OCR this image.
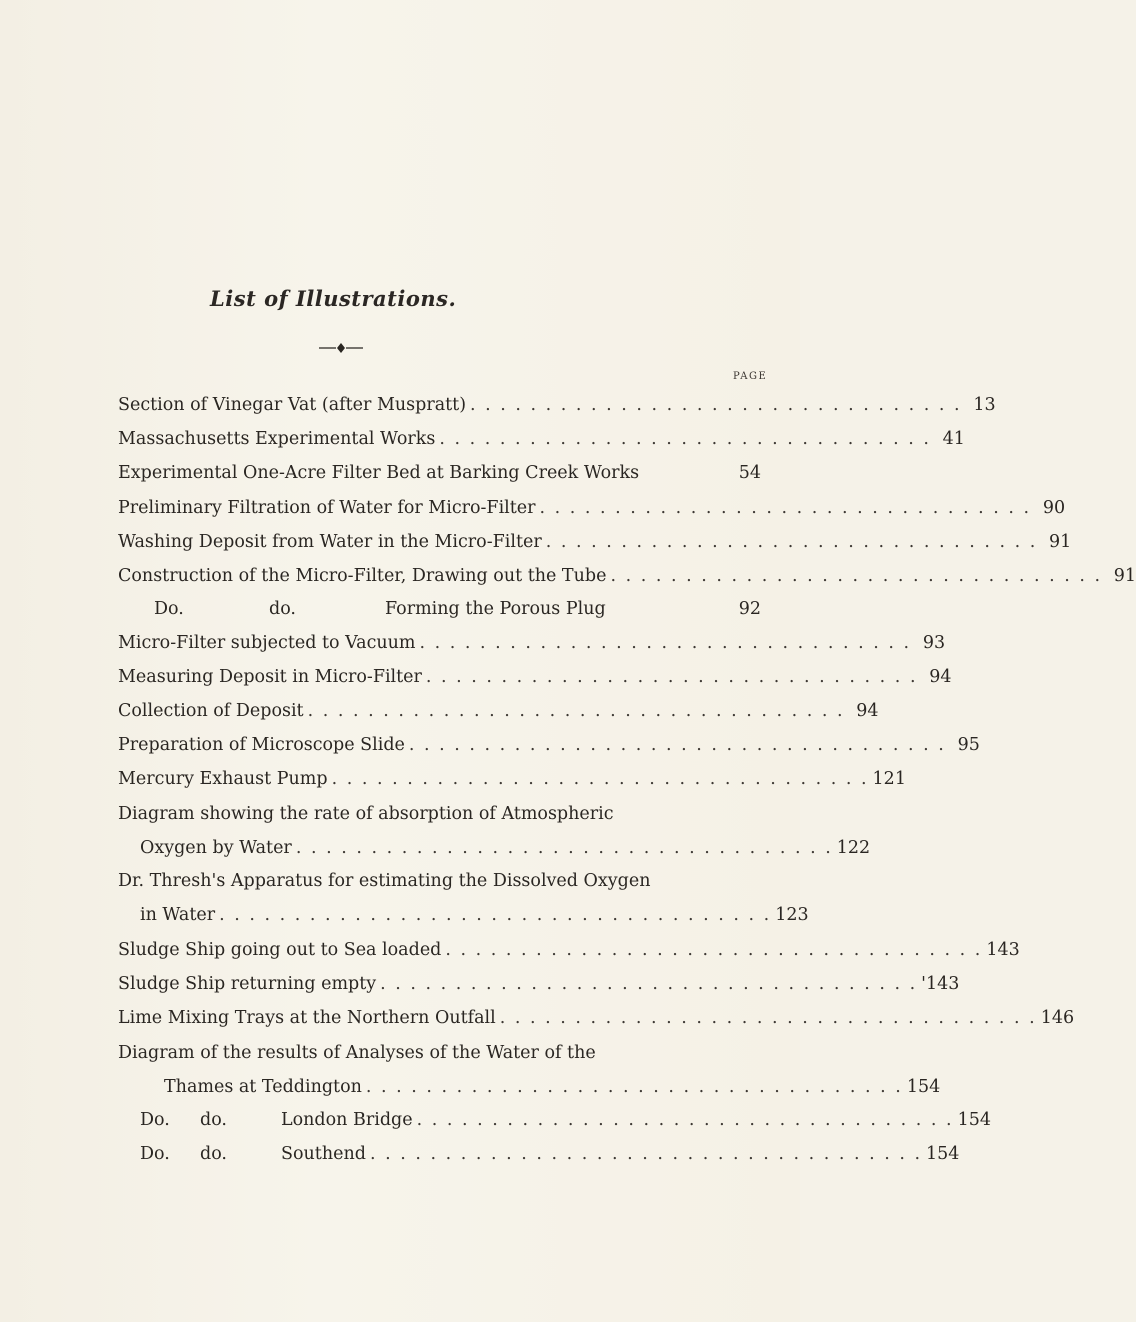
List of Illustrations.
PAGE
Section of Vinegar Vat (after Muspratt) . . . . . . . . . . . . . . . . . . . . . . . . . . . . . . . . . 13
Massachusetts Experimental Works . . . . . . . . . . . . . . . . . . . . . . . . . . . . . . . . . 41
Experimental One-Acre Filter Bed at Barking Creek Works	54
Preliminary Filtration of Water for Micro-Filter . . . . . . . . . . . . . . . . . . . . . . . . . . . . . . . . . 90
Washing Deposit from Water in the Micro-Filter . . . . . . . . . . . . . . . . . . . . . . . . . . . . . . . . . 91
Construction of the Micro-Filter, Drawing out the Tube . . . . . . . . . . . . . . . . . . . . . . . . . . . . . . . . . 91
Do.	do.	Forming the Porous Plug	92
Micro-Filter subjected to Vacuum . . . . . . . . . . . . . . . . . . . . . . . . . . . . . . . . . 93
Measuring Deposit in Micro-Filter . . . . . . . . . . . . . . . . . . . . . . . . . . . . . . . . . 94
Collection of Deposit . . . . . . . . . . . . . . . . . . . . . . . . . . . . . . . . . . . . 94
Preparation of Microscope Slide . . . . . . . . . . . . . . . . . . . . . . . . . . . . . . . . . . . . 95
Mercury Exhaust Pump . . . . . . . . . . . . . . . . . . . . . . . . . . . . . . . . . . . . 121
Diagram showing the rate of absorption of Atmospheric
Oxygen by Water . . . . . . . . . . . . . . . . . . . . . . . . . . . . . . . . . . . . 122
Dr. Thresh's Apparatus for estimating the Dissolved Oxygen
in Water . . . . . . . . . . . . . . . . . . . . . . . . . . . . . . . . . . . . . 123
Sludge Ship going out to Sea loaded . . . . . . . . . . . . . . . . . . . . . . . . . . . . . . . . . . . . 143
Sludge Ship returning empty . . . . . . . . . . . . . . . . . . . . . . . . . . . . . . . . . . . . '143
Lime Mixing Trays at the Northern Outfall . . . . . . . . . . . . . . . . . . . . . . . . . . . . . . . . . . . . 146
Diagram of the results of Analyses of the Water of the
Thames at Teddington . . . . . . . . . . . . . . . . . . . . . . . . . . . . . . . . . . . . 154
Do.	do.	London Bridge . . . . . . . . . . . . . . . . . . . . . . . . . . . . . . . . . . . . 154
Do.	do.	Southend . . . . . . . . . . . . . . . . . . . . . . . . . . . . . . . . . . . . . 154
